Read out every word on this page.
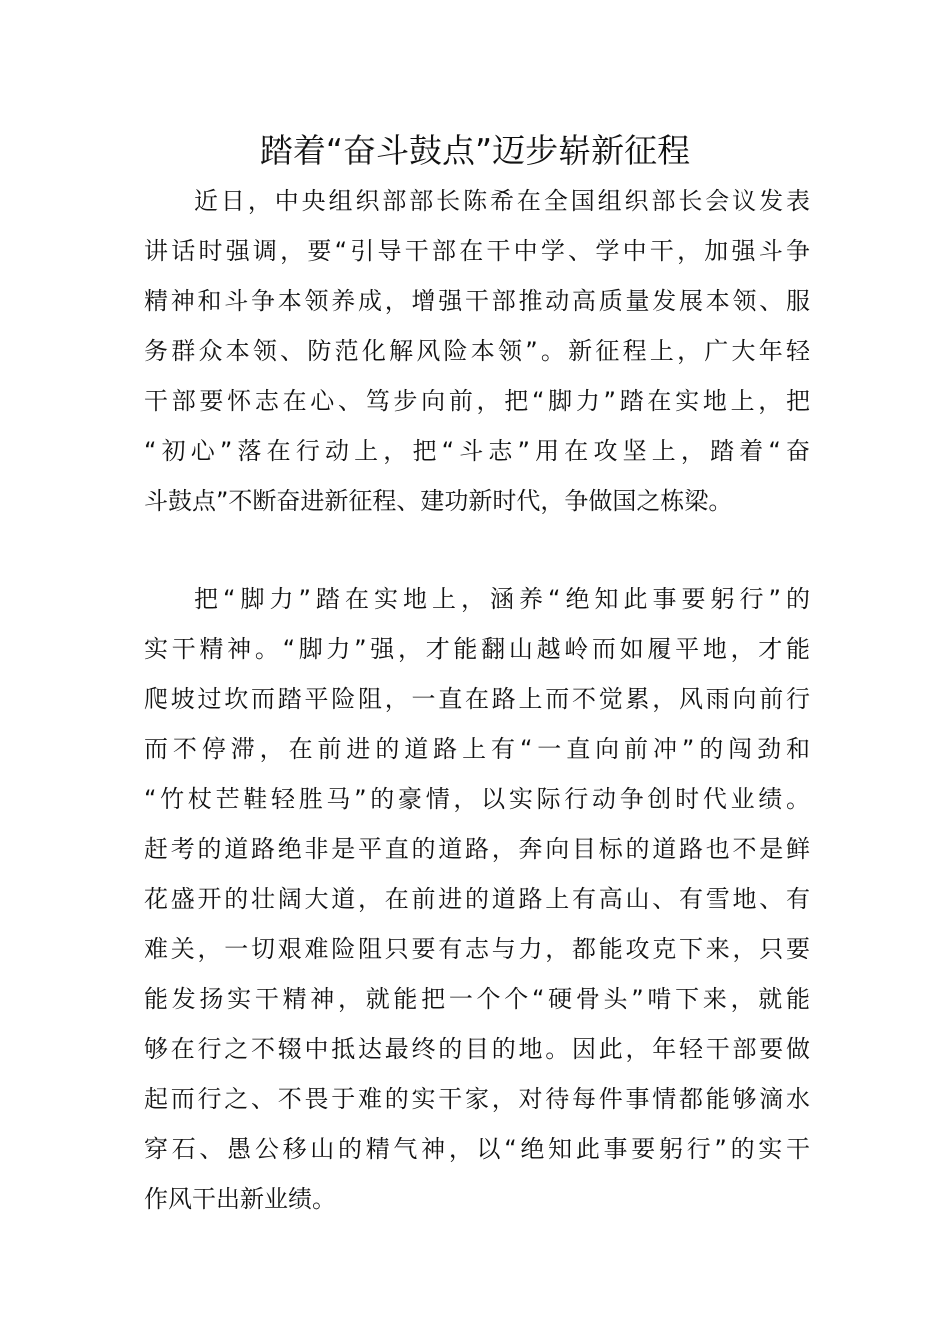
踏着“奋斗鼓点”迈步崭新征程
近日，中央组织部部长陈希在全国组织部长会议发表
讲话时强调，要“引导干部在干中学、学中干，加强斗争
精神和斗争本领养成，增强干部推动高质量发展本领、服
务群众本领、防范化解风险本领”。新征程上，广大年轻
干部要怀志在心、笃步向前，把“脚力”踏在实地上，把
“初心”落在行动上，把“斗志”用在攻坚上，踏着“奋
斗鼓点”不断奋进新征程、建功新时代，争做国之栋梁。
把“脚力”踏在实地上，涵养“绝知此事要躬行”的
实干精神。“脚力”强，才能翻山越岭而如履平地，才能
爬坡过坎而踏平险阻，一直在路上而不觉累，风雨向前行
而不停滞，在前进的道路上有“一直向前冲”的闯劲和
“竹杖芒鞋轻胜马”的豪情，以实际行动争创时代业绩。
赶考的道路绝非是平直的道路，奔向目标的道路也不是鲜
花盛开的壮阔大道，在前进的道路上有高山、有雪地、有
难关，一切艰难险阻只要有志与力，都能攻克下来，只要
能发扬实干精神，就能把一个个“硬骨头”啃下来，就能
够在行之不辍中抵达最终的目的地。因此，年轻干部要做
起而行之、不畏于难的实干家，对待每件事情都能够滴水
穿石、愚公移山的精气神，以“绝知此事要躬行”的实干
作风干出新业绩。
